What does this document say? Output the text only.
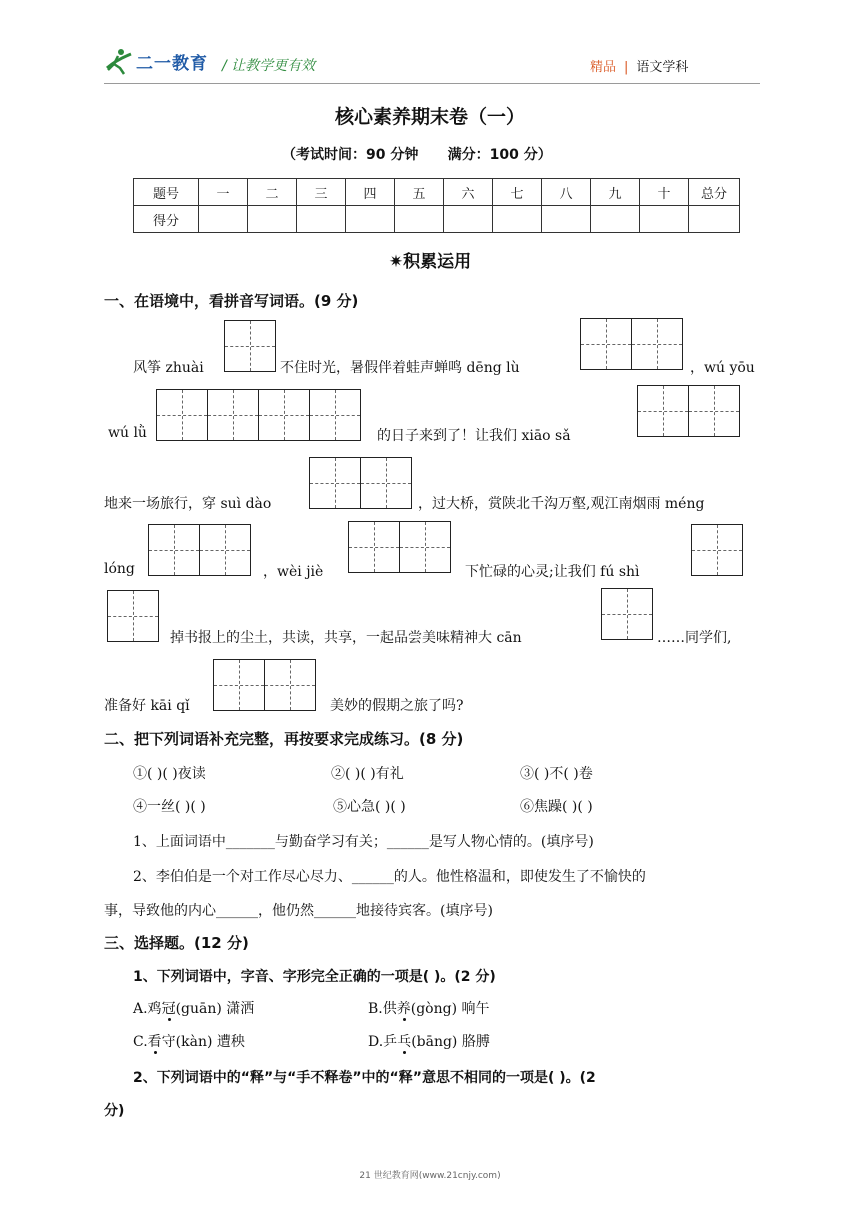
二一教育 / 让教学更有效	精品 | 语文学科
核心素养期末卷（一）
（考试时间：90 分钟      满分：100 分）
题号	一	二	三	四	五	六	七	八	九	十	总分
得分											
✷积累运用
一、在语境中，看拼音写词语。(9 分)
风筝 zhuài	不住时光，暑假伴着蛙声蝉鸣 dēng lù	，wú yōu
wú lǜ	的日子来到了！让我们 xiāo sǎ
地来一场旅行，穿 suì dào	，过大桥，赏陕北千沟万壑,观江南烟雨 méng
lóng	，wèi jiè	下忙碌的心灵;让我们 fú shì
掉书报上的尘土，共读，共享，一起品尝美味精神大 cān	……同学们,
准备好 kāi qǐ	美妙的假期之旅了吗?
二、把下列词语补充完整，再按要求完成练习。(8 分)
①( )( )夜读	②( )( )有礼	③( )不( )卷
④一丝( )( )	⑤心急( )( )	⑥焦躁( )( )
1、上面词语中_______与勤奋学习有关；______是写人物心情的。(填序号)
2、李伯伯是一个对工作尽心尽力、______的人。他性格温和，即使发生了不愉快的
事，导致他的内心______，他仍然______地接待宾客。(填序号)
三、选择题。(12 分)
1、下列词语中，字音、字形完全正确的一项是( )。(2 分)
A.鸡冠(guān) 潇洒	B.供养(gòng) 响午
C.看守(kàn) 遭秧	D.乒乓(bāng) 胳膊
2、下列词语中的“释”与“手不释卷”中的“释”意思不相同的一项是( )。(2
分)
21 世纪教育网(www.21cnjy.com)
